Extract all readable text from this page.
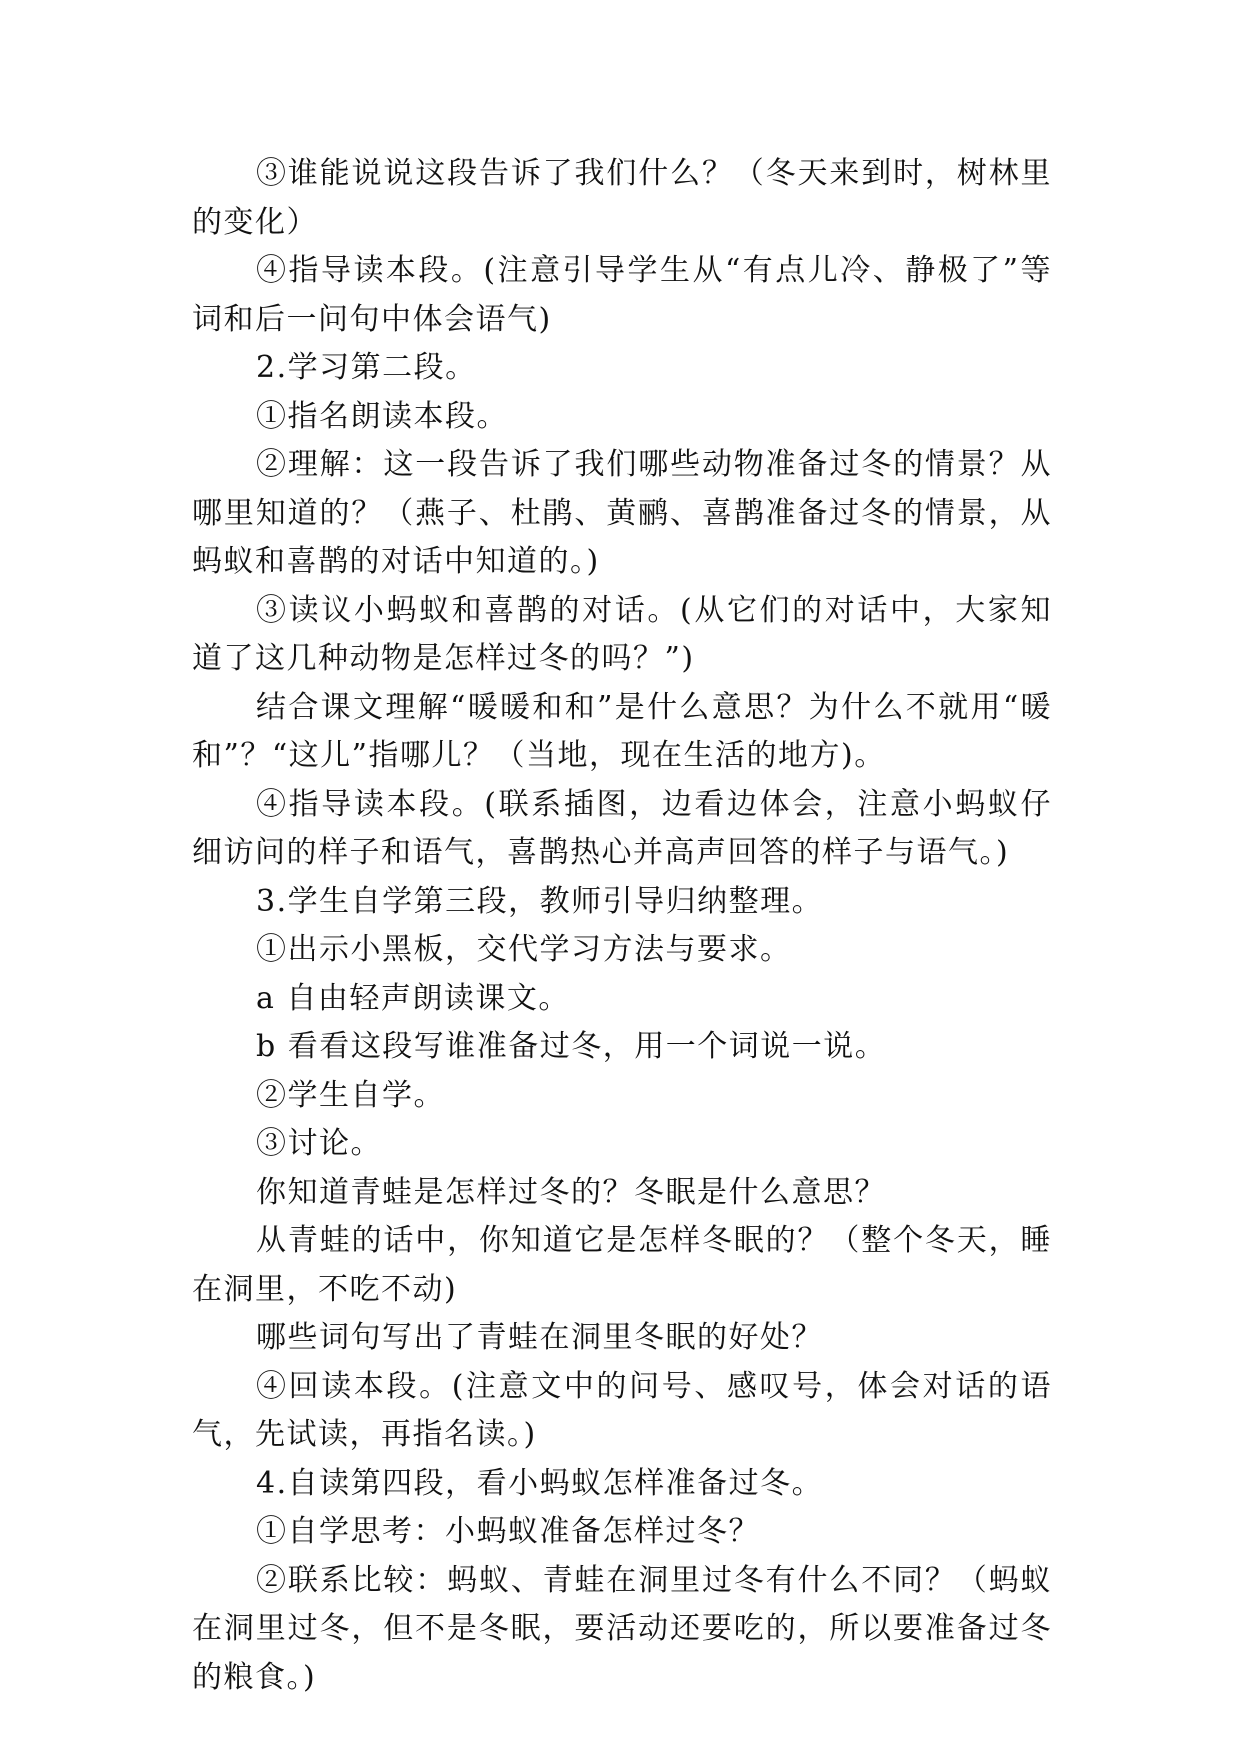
③谁能说说这段告诉了我们什么？（冬天来到时，树林里的变化）

④指导读本段。(注意引导学生从“有点儿冷、静极了”等词和后一问句中体会语气)

2.学习第二段。

①指名朗读本段。

②理解：这一段告诉了我们哪些动物准备过冬的情景？从哪里知道的？（燕子、杜鹃、黄鹂、喜鹊准备过冬的情景，从蚂蚁和喜鹊的对话中知道的。)

③读议小蚂蚁和喜鹊的对话。(从它们的对话中，大家知道了这几种动物是怎样过冬的吗？”)

结合课文理解“暖暖和和”是什么意思？为什么不就用“暖和”？“这儿”指哪儿？（当地，现在生活的地方)。

④指导读本段。(联系插图，边看边体会，注意小蚂蚁仔细访问的样子和语气，喜鹊热心并高声回答的样子与语气。)

3.学生自学第三段，教师引导归纳整理。

①出示小黑板，交代学习方法与要求。

a 自由轻声朗读课文。

b 看看这段写谁准备过冬，用一个词说一说。

②学生自学。

③讨论。

你知道青蛙是怎样过冬的？冬眠是什么意思？

从青蛙的话中，你知道它是怎样冬眠的？（整个冬天，睡在洞里，不吃不动)

哪些词句写出了青蛙在洞里冬眠的好处？

④回读本段。(注意文中的问号、感叹号，体会对话的语气，先试读，再指名读。)

4.自读第四段，看小蚂蚁怎样准备过冬。

①自学思考：小蚂蚁准备怎样过冬？

②联系比较：蚂蚁、青蛙在洞里过冬有什么不同？（蚂蚁在洞里过冬，但不是冬眠，要活动还要吃的，所以要准备过冬的粮食。)
